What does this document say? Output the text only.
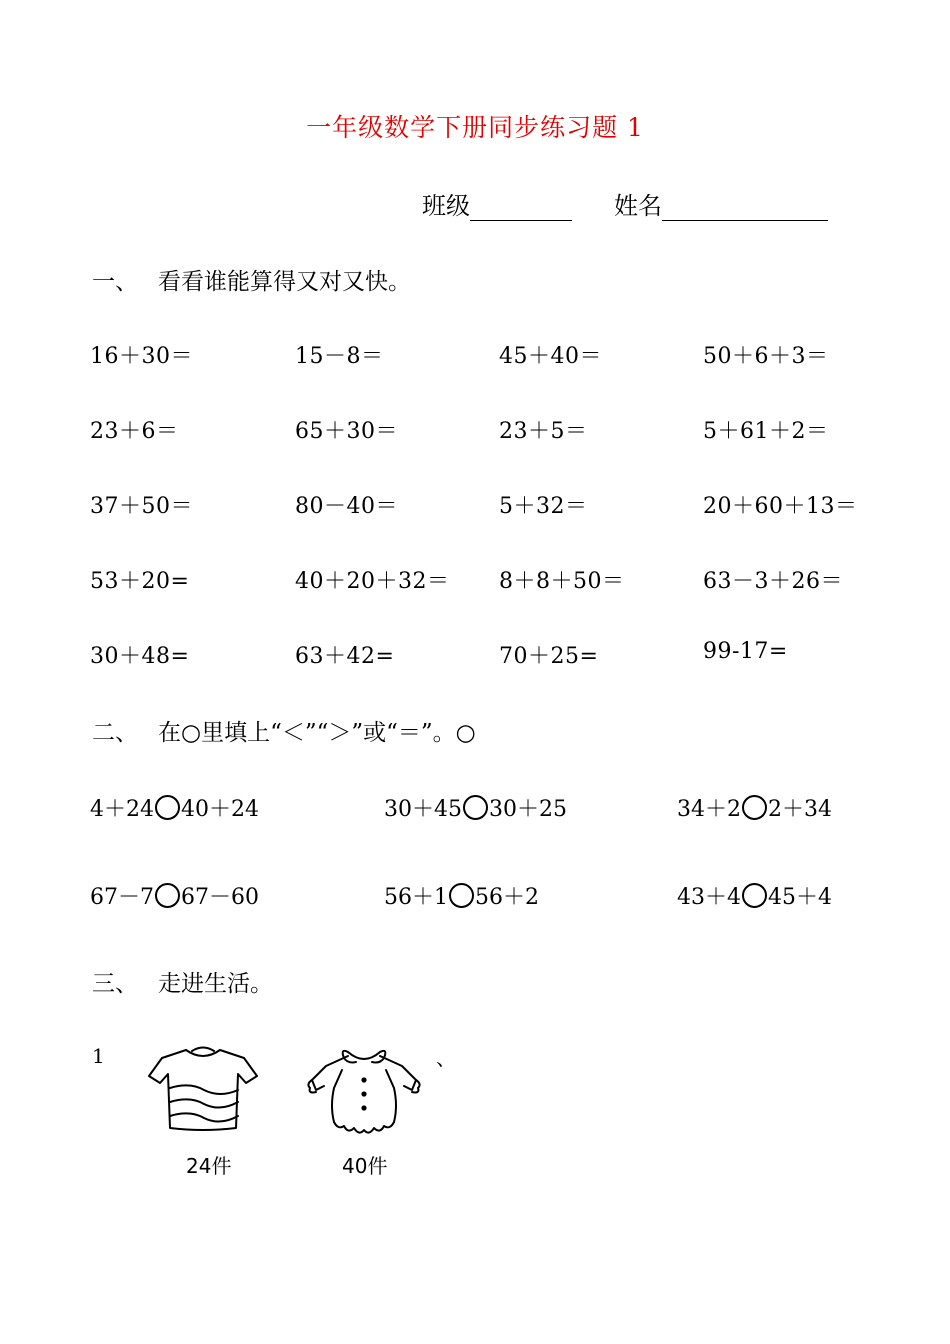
一年级数学下册同步练习题 1
班级	姓名
一、 看看谁能算得又对又快。
16＋30＝	15－8＝	45＋40＝	50＋6＋3＝
23＋6＝	65＋30＝	23＋5＝	5＋61＋2＝
37＋50＝	80－40＝	5＋32＝	20＋60＋13＝
53＋20=	40＋20＋32＝ 8＋8＋50＝	63－3＋26＝
30＋48=	63＋42=	70＋25=	99-17=
二、 在○里填上“＜”“＞”或“＝”。○
4＋24 40＋24	30＋45 30＋25	34＋2 2＋34
67－7 67－60	56＋1 56＋2	43＋4 45＋4
三、 走进生活。
1	、
24件	40件
